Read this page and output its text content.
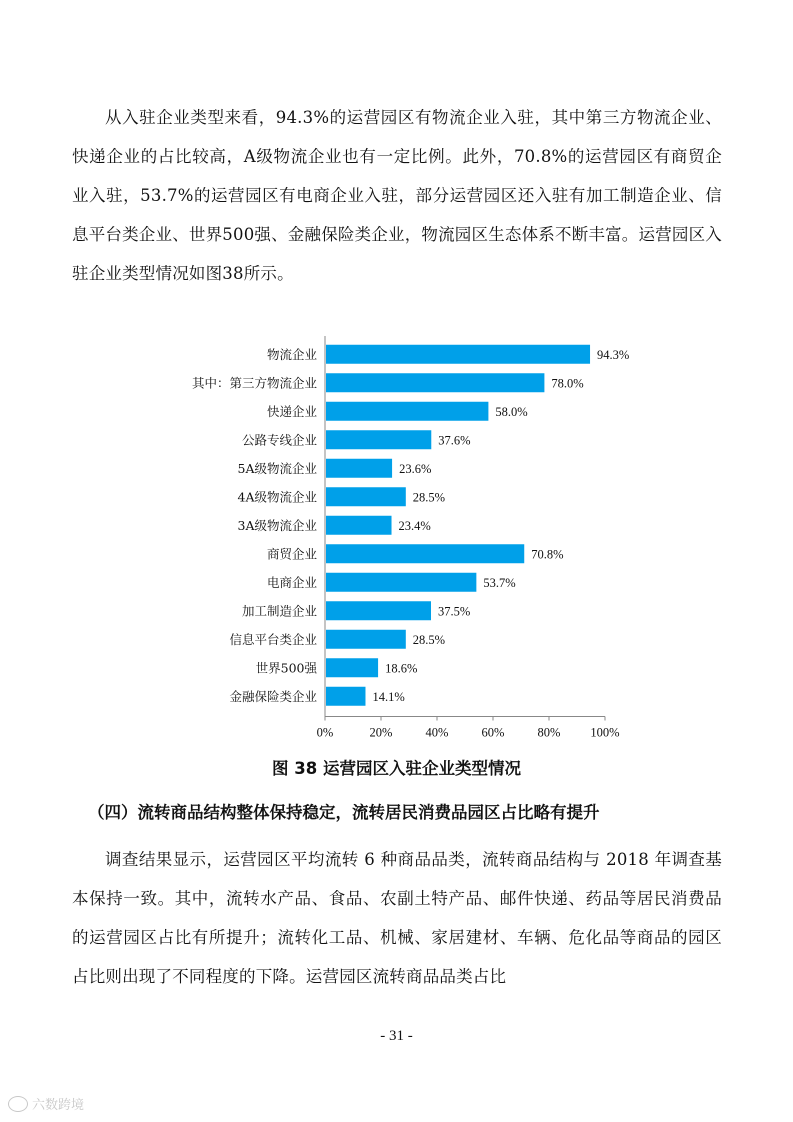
从入驻企业类型来看，94.3%的运营园区有物流企业入驻，其中第三方物流企业、快递企业的占比较高，A级物流企业也有一定比例。此外，70.8%的运营园区有商贸企业入驻，53.7%的运营园区有电商企业入驻，部分运营园区还入驻有加工制造企业、信息平台类企业、世界500强、金融保险类企业，物流园区生态体系不断丰富。运营园区入驻企业类型情况如图38所示。

物流企业	94.3%
其中：第三方物流企业	78.0%
快递企业	58.0%
公路专线企业	37.6%
5A级物流企业	23.6%
4A级物流企业	28.5%
3A级物流企业	23.4%
商贸企业	70.8%
电商企业	53.7%
加工制造企业	37.5%
信息平台类企业	28.5%
世界500强	18.6%
金融保险类企业	14.1%
0%	20%	40%	60%	80% 100%
图 38 运营园区入驻企业类型情况
（四）流转商品结构整体保持稳定，流转居民消费品园区占比略有提升

调查结果显示，运营园区平均流转 6 种商品品类，流转商品结构与 2018 年调查基本保持一致。其中，流转水产品、食品、农副土特产品、邮件快递、药品等居民消费品的运营园区占比有所提升；流转化工品、机械、家居建材、车辆、危化品等商品的园区占比则出现了不同程度的下降。运营园区流转商品品类占比

- 31 -
六数跨境
